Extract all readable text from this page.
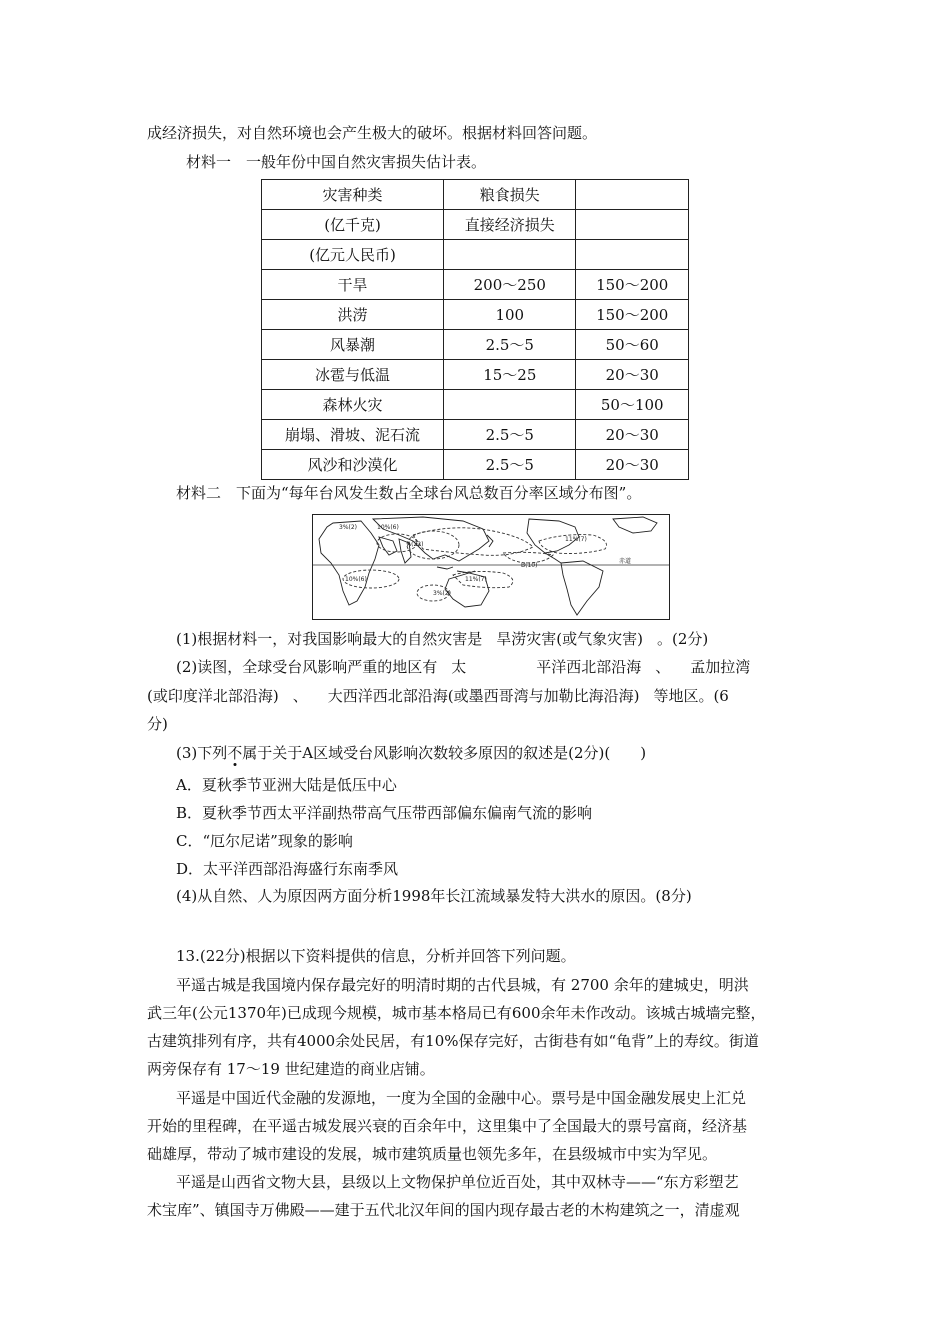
成经济损失，对自然环境也会产生极大的破坏。根据材料回答问题。
材料一　一般年份中国自然灾害损失估计表。
灾害种类	粮食损失	
(亿千克)	直接经济损失	
(亿元人民币)		
干旱	200～250	150～200
洪涝	100	150～200
风暴潮	2.5～5	50～60
冰雹与低温	15～25	20～30
森林火灾		50～100
崩塌、滑坡、泥石流	2.5～5	20～30
风沙和沙漠化	2.5～5	20～30
材料二　下面为“每年台风发生数占全球台风总数百分率区域分布图”。
3%(2)	10%(6)
A(22)
11%(7)
B(10)
10%(6)	11%(7)
3%(2)
赤道
(1)根据材料一，对我国影响最大的自然灾害是 旱涝灾害(或气象灾害) 。(2分)
(2)读图，全球受台风影响严重的地区有 太	平洋西北部沿海 、 孟加拉湾
(或印度洋北部沿海) 、 大西洋西北部沿海(或墨西哥湾与加勒比海沿海) 等地区。(6
分)
(3)下列不属于关于A区域受台风影响次数较多原因的叙述是(2分)(　　)
A．夏秋季节亚洲大陆是低压中心
B．夏秋季节西太平洋副热带高气压带西部偏东偏南气流的影响
C．“厄尔尼诺”现象的影响
D．太平洋西部沿海盛行东南季风
(4)从自然、人为原因两方面分析1998年长江流域暴发特大洪水的原因。(8分)
13.(22分)根据以下资料提供的信息，分析并回答下列问题。
平遥古城是我国境内保存最完好的明清时期的古代县城，有 2700 余年的建城史，明洪
武三年(公元1370年)已成现今规模，城市基本格局已有600余年未作改动。该城古城墙完整，
古建筑排列有序，共有4000余处民居，有10%保存完好，古街巷有如“龟背”上的寿纹。街道
两旁保存有 17～19 世纪建造的商业店铺。
平遥是中国近代金融的发源地，一度为全国的金融中心。票号是中国金融发展史上汇兑
开始的里程碑，在平遥古城发展兴衰的百余年中，这里集中了全国最大的票号富商，经济基
础雄厚，带动了城市建设的发展，城市建筑质量也领先多年，在县级城市中实为罕见。
平遥是山西省文物大县，县级以上文物保护单位近百处，其中双林寺——“东方彩塑艺
术宝库”、镇国寺万佛殿——建于五代北汉年间的国内现存最古老的木构建筑之一，清虚观
